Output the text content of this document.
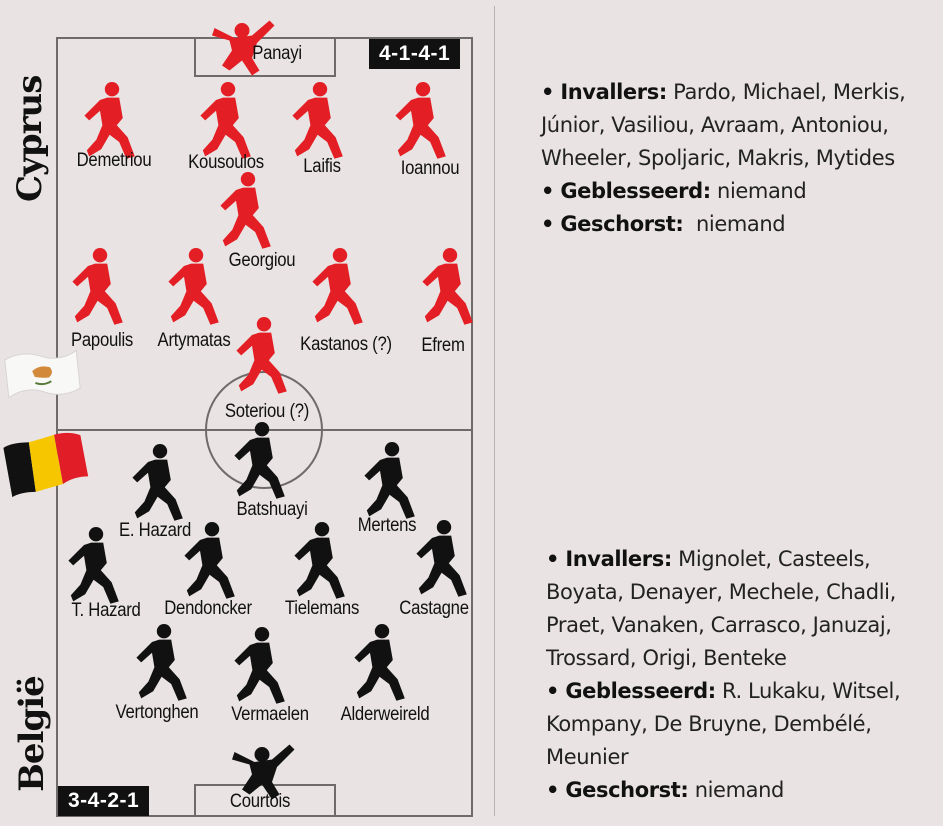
Cyprus
België
4-1-4-1
3-4-2-1
Panayi
Demetriou Kousoulos Laifis	Ioannou
Georgiou
Papoulis Artymatas	Kastanos (?) Efrem
Soteriou (?)
Batshuayi
E. Hazard	Mertens
T. Hazard Dendoncker Tielemans Castagne
Vertonghen Vermaelen Alderweireld
Courtois
• Invallers: Pardo, Michael, Merkis,
Júnior, Vasiliou, Avraam, Antoniou,
Wheeler, Spoljaric, Makris, Mytides
• Geblesseerd: niemand
• Geschorst: niemand
• Invallers: Mignolet, Casteels,
Boyata, Denayer, Mechele, Chadli,
Praet, Vanaken, Carrasco, Januzaj,
Trossard, Origi, Benteke
• Geblesseerd: R. Lukaku, Witsel,
Kompany, De Bruyne, Dembélé,
Meunier
• Geschorst: niemand
